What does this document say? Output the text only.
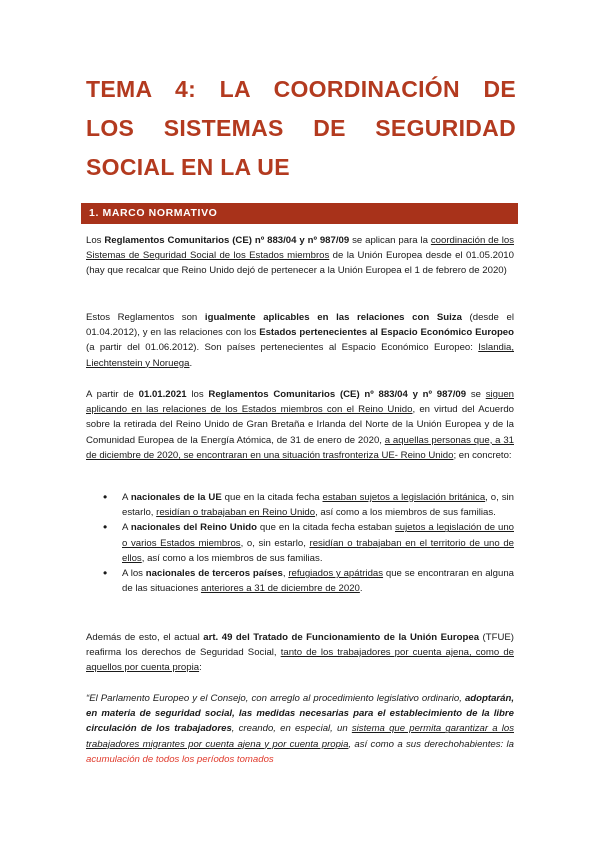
TEMA 4: LA COORDINACIÓN DE
LOS SISTEMAS DE SEGURIDAD
SOCIAL EN LA UE
1. MARCO NORMATIVO

Los Reglamentos Comunitarios (CE) nº 883/04 y nº 987/09 se aplican para la coordinación de los Sistemas de Seguridad Social de los Estados miembros de la Unión Europea desde el 01.05.2010 (hay que recalcar que Reino Unido dejó de pertenecer a la Unión Europea el 1 de febrero de 2020)

Estos Reglamentos son igualmente aplicables en las relaciones con Suiza (desde el 01.04.2012), y en las relaciones con los Estados pertenecientes al Espacio Económico Europeo (a partir del 01.06.2012). Son países pertenecientes al Espacio Económico Europeo: Islandia, Liechtenstein y Noruega.

A partir de 01.01.2021 los Reglamentos Comunitarios (CE) nº 883/04 y nº 987/09 se siguen aplicando en las relaciones de los Estados miembros con el Reino Unido, en virtud del Acuerdo sobre la retirada del Reino Unido de Gran Bretaña e Irlanda del Norte de la Unión Europea y de la Comunidad Europea de la Energía Atómica, de 31 de enero de 2020, a aquellas personas que, a 31 de diciembre de 2020, se encontraran en una situación trasfronteriza UE- Reino Unido; en concreto:

• A nacionales de la UE que en la citada fecha estaban sujetos a legislación británica, o, sin estarlo, residían o trabajaban en Reino Unido, así como a los miembros de sus familias.
• A nacionales del Reino Unido que en la citada fecha estaban sujetos a legislación de uno o varios Estados miembros, o, sin estarlo, residían o trabajaban en el territorio de uno de ellos, así como a los miembros de sus familias.
• A los nacionales de terceros países, refugiados y apátridas que se encontraran en alguna de las situaciones anteriores a 31 de diciembre de 2020.

Además de esto, el actual art. 49 del Tratado de Funcionamiento de la Unión Europea (TFUE) reafirma los derechos de Seguridad Social, tanto de los trabajadores por cuenta ajena, como de aquellos por cuenta propia:

“El Parlamento Europeo y el Consejo, con arreglo al procedimiento legislativo ordinario, adoptarán, en materia de seguridad social, las medidas necesarias para el establecimiento de la libre circulación de los trabajadores, creando, en especial, un sistema que permita garantizar a los trabajadores migrantes por cuenta ajena y por cuenta propia, así como a sus derechohabientes: la acumulación de todos los períodos tomados
